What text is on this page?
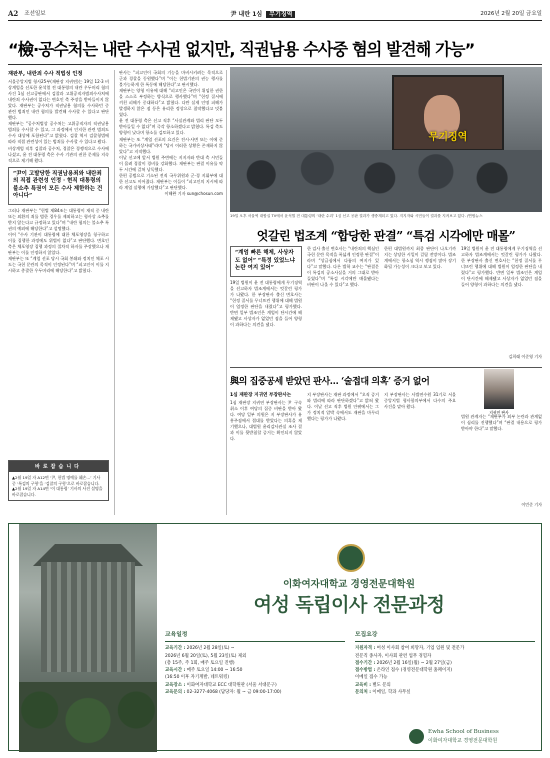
A2 조선일보	尹 내란 1심 무기징역	2026년 2월 20일 금요일
“檢·공수처는 내란 수사권 없지만, 직권남용 수사중 혐의 발견해 가능”
재판부, 내란죄 수사 적법성 인정

서울중앙지법 형사25부(재판장 지귀연)는 19일 12·3 비상계엄을 선포한 윤석열 전 대통령의 내란 우두머리 혐의 사건 1심 선고공판에서 검찰과 고위공직자범죄수사처에 내란죄 수사권이 없다는 변호인 측 주장을 받아들이지 않았다. 재판부는 공수처가 직권남용 혐의를 수사하던 중 관련 범죄인 내란 혐의를 발견해 수사할 수 있다고 판단했다.

재판부는 “공수처법상 공수처는 고위공직자의 직권남용 범죄를 수사할 수 있고, 그 과정에서 인지한 관련 범죄도 수사 대상에 포함된다”고 밝혔다. 검찰 역시 검찰청법에 따라 직접 관련성이 있는 범죄를 수사할 수 있다고 봤다.

비상계엄 직후 검찰과 공수처, 경찰은 경쟁적으로 수사에 나섰고, 윤 전 대통령 측은 수사 기관의 권한 문제를 지속적으로 제기해 왔다.

“尹이 고발당한 직권남용죄와 내란죄의 직접 관련성 인정 · 현직 대통령의 불소추 특권이 모든 수사 제한하는 건 아니다”

그러나 재판부는 “헌법 제84조는 대통령이 재직 중 내란 또는 외환의 죄를 범한 경우를 제외하고는 형사상 소추를 받지 않는다고 규정하고 있다”며 “내란 혐의는 불소추 특권의 예외에 해당한다”고 설명했다.

이어 “수사 기관이 대통령에 대한 체포영장을 청구하고 이를 집행한 과정에도 위법이 없다”고 판단했다. 변호인 측은 체포영장 집행 과정의 절차적 하자를 주장했으나 재판부는 이를 인정하지 않았다.

재판부는 또 “계엄 선포 당시 국회 봉쇄와 정치인 체포 시도는 국헌 문란의 목적이 인정된다”며 “피고인이 이를 지시하고 총괄한 우두머리에 해당한다”고 밝혔다.

바로잡습니다

▲2월 19일 자 A12면 ‘尹, 헌법 명예를 훼손…’ 기사 중 ‘특검의 구형’을 ‘검찰의 구형’으로 바로잡습니다.

▲2월 19일 자 A14면 ‘이 대통령’ 기사의 사진 설명을 바로잡습니다.

판사는 “피고인이 국회의 기능을 마비시키려는 목적으로 군과 경찰을 동원했다”며 “이는 헌법기관의 권능 행사를 불가능하게 한 폭동에 해당한다”고 판시했다.

재판부는 양형 이유에 대해 “피고인은 국민이 위임한 권한을 스스로 부정하는 방식으로 행사했다”며 “헌정 질서에 끼친 피해가 중대하다”고 밝혔다. 다만 실제 인명 피해가 발생하지 않은 점 등은 유리한 정상으로 참작했다고 덧붙였다.

윤 전 대통령 측은 선고 직후 “사실관계와 법리 판단 모두 받아들일 수 없다”며 즉각 항소하겠다고 밝혔다. 특검 측도 양형이 낮다며 항소를 검토하고 있다.

재판부는 또 “계엄 선포의 요건은 전시·사변 또는 이에 준하는 국가비상사태”라며 “당시 이러한 상황은 존재하지 않았다”고 지적했다.

이날 선고에 앞서 법원 주변에는 지지자와 반대 측 시민들이 몰려 경찰이 경비를 강화했다. 재판부는 판결 이유를 약 두 시간에 걸쳐 낭독했다.

한편 공범으로 기소된 전직 국무위원과 군·경 지휘부에 대한 선고도 이어졌다. 재판부는 이들이 “피고인의 지시에 따라 계엄 실행에 가담했다”고 판단했다.

이해완 기자 sun@chosun.com

무기징역
19일 오후 서울역 대합실 TV에서 윤석열 전 대통령의 ‘내란 수괴’ 1심 선고 공판 결과가 생중계되고 있다. 지지자와 시민들이 결과를 지켜보고 있다. /연합뉴스
엇갈린 법조계 “합당한 판결” “특검 시각에만 매몰”
“계엄 빠른 해제, 사상자도 없어” “특정 있었느냐 논란 여지 있어”
19일 법원이 윤 전 대통령에게 무기징역을 선고하자 법조계에서는 엇갈린 평가가 나왔다. 한 부장판사 출신 변호사는 “헌정 질서를 무너뜨린 행위에 대해 법원이 엄정한 판단을 내렸다”고 평가했다. 반면 일부 법조인은 계엄이 단시간에 해제됐고 사상자가 없었던 점을 들어 양형이 과하다는 의견을 냈다.
한 검사 출신 변호사는 “내란죄의 핵심인 국헌 문란 목적을 폭넓게 인정한 판결”이라며 “상급심에서 다툼의 여지가 있다”고 말했다. 다른 법학 교수는 “판결문이 특검의 공소사실을 거의 그대로 받아들였다”며 “특검 시각에만 매몰됐다는 비판이 나올 수 있다”고 했다.
한편 대법원까지 최종 판단이 나오기까지는 상당한 시일이 걸릴 전망이다. 법조계에서는 항소심 역시 쟁점이 많아 장기화될 가능성이 크다고 보고 있다.
19일 법원이 윤 전 대통령에게 무기징역을 선고하자 법조계에서는 엇갈린 평가가 나왔다. 한 부장판사 출신 변호사는 “헌정 질서를 무너뜨린 행위에 대해 법원이 엄정한 판단을 내렸다”고 평가했다. 반면 일부 법조인은 계엄이 단시간에 해제됐고 사상자가 없었던 점을 들어 양형이 과하다는 의견을 냈다.
김희래 이준영 기자
與의 집중공세 받았던 판사… ‘술접대 의혹’ 증거 없어
지귀연 판사
1심 재판장 지귀연 부장판사는
1심 재판장 지귀연 부장판사는 尹 구속 취소 이후 여당의 집중 비판을 받아 왔다. 여당 일부 의원은 지 부장판사가 유흥주점에서 접대를 받았다는 의혹을 제기했으나, 대법원 윤리감사관실 조사 결과 이를 뒷받침할 증거는 확인되지 않았다.
지 부장판사는 재판 과정에서 “오직 증거와 법리에 따라 판단하겠다”고 밝혀 왔다. 이날 선고 직후 법원 안팎에서는 그가 정치적 압박 속에서도 재판을 마무리했다는 평가가 나왔다.
지 부장판사는 사법연수원 31기로 서울중앙지법 형사합의부에서 다수의 주요 사건을 맡아 왔다.
법원 관계자는 “재판부가 외부 논란과 관계없이 심리를 진행했다”며 “판결 내용으로 평가받아야 한다”고 말했다.
이민준 기자
이화여자대학교 경영전문대학원
여성 독립이사 전문과정
교육일정
교육기간 : 2026년 2월 28일(토) ~
2026년 6월 20일(토), 5월 23일(토) 제외
(총 15주, 주 1회, 매주 토요일 진행)
교육시간 : 매주 토요일 14:00 ~ 16:50
(16:50 이후 자기계발, 네트워킹)
교육장소 : 이화여자대학교 ECC 대학원관 (서울 서대문구)
교육문의 : 02-3277-4068 (담당자: 월 ~ 금 09:00-17:00)
모집요강
지원자격 : 여성 이사회 참여 희망자, 기업 임원 및 전문가
전문직 종사자, 이사회 관련 업무 경험자
접수기간 : 2026년 2월 16일(월) ~ 2월 27일(금)
접수방법 : 온라인 접수 (경영전문대학원 홈페이지)
이메일 접수 가능
교육비 : 별도 문의
문의처 : 이메일, 학과 사무실
Ewha School of Business
이화여자대학교 경영전문대학원
